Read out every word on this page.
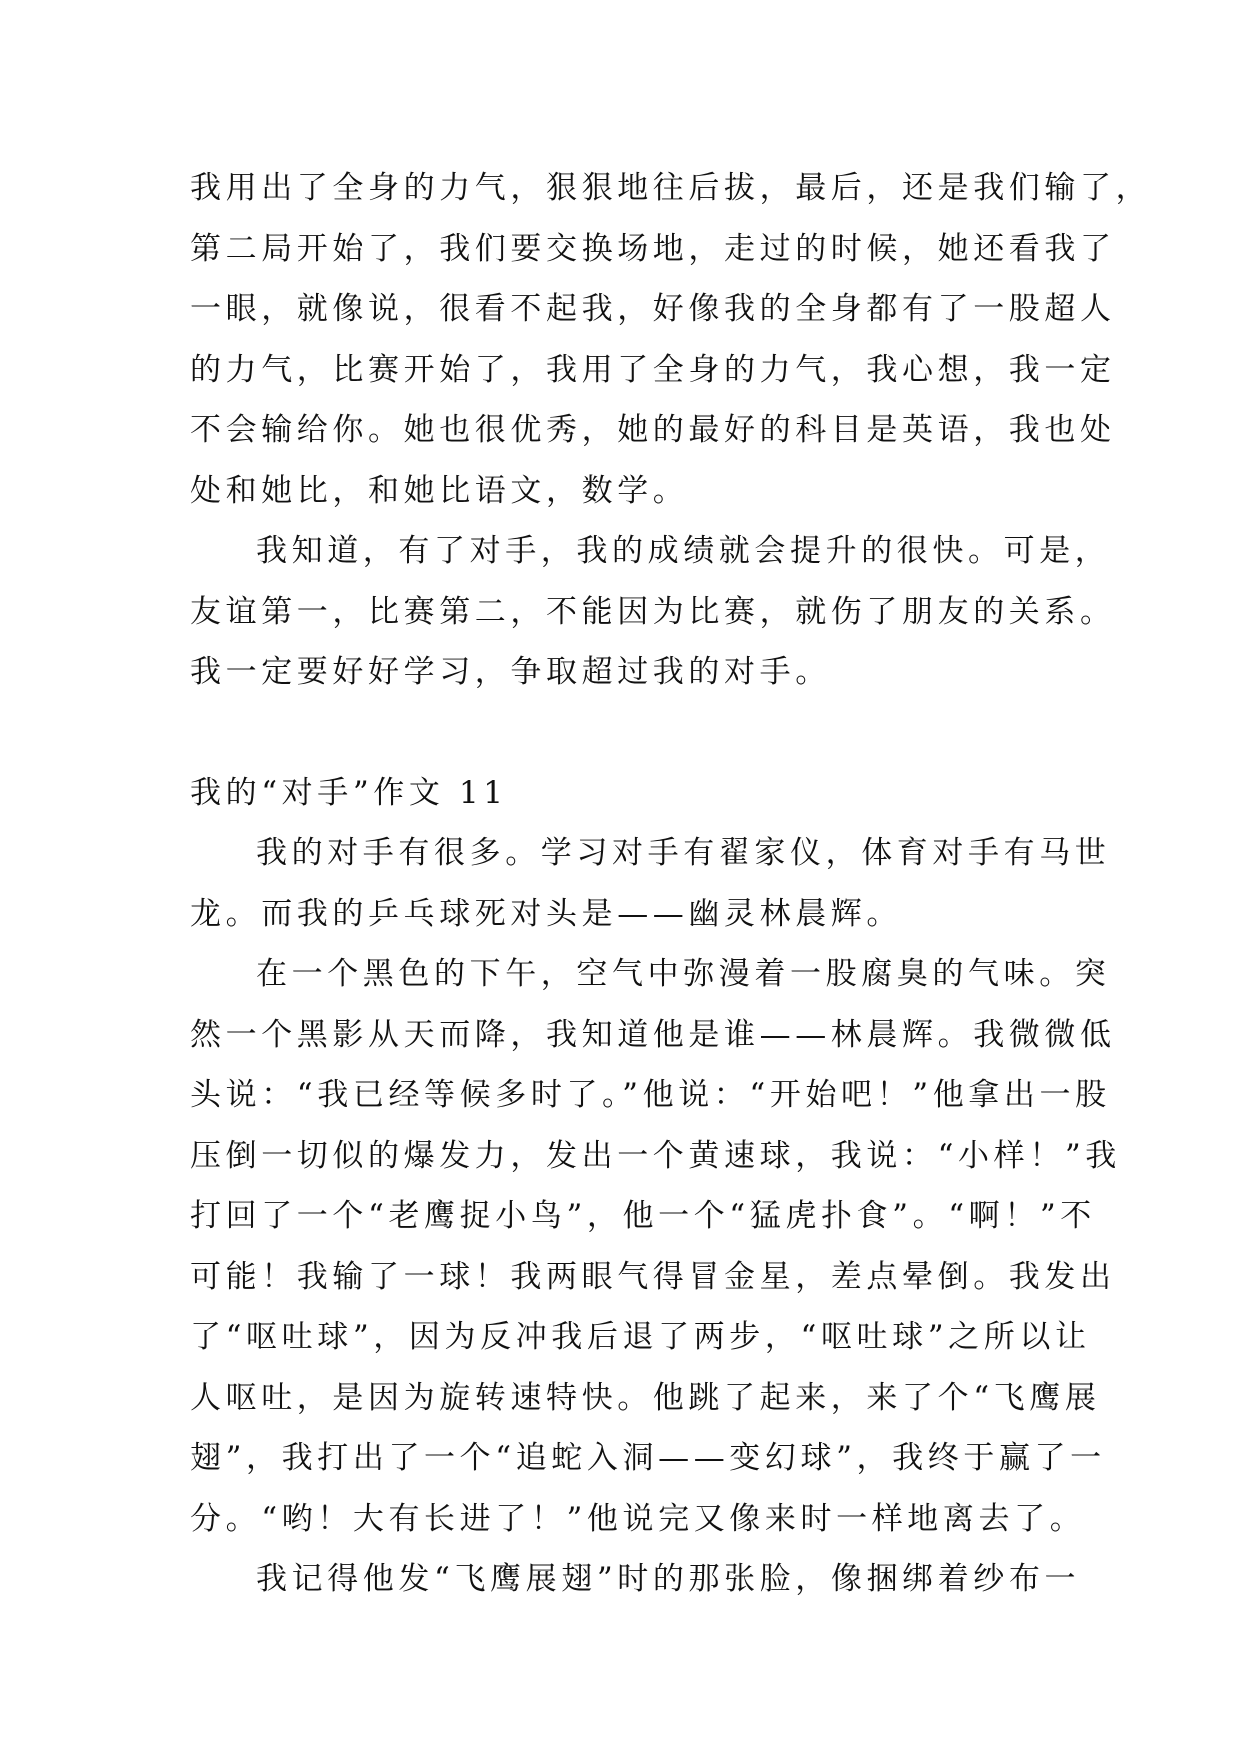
我用出了全身的力气，狠狠地往后拔，最后，还是我们输了，
第二局开始了，我们要交换场地，走过的时候，她还看我了
一眼，就像说，很看不起我，好像我的全身都有了一股超人
的力气，比赛开始了，我用了全身的力气，我心想，我一定
不会输给你。她也很优秀，她的最好的科目是英语，我也处
处和她比，和她比语文，数学。
我知道，有了对手，我的成绩就会提升的很快。可是，
友谊第一，比赛第二，不能因为比赛，就伤了朋友的关系。
我一定要好好学习，争取超过我的对手。
我的“对手”作文 11
我的对手有很多。学习对手有翟家仪，体育对手有马世
龙。而我的乒乓球死对头是——幽灵林晨辉。
在一个黑色的下午，空气中弥漫着一股腐臭的气味。突
然一个黑影从天而降，我知道他是谁——林晨辉。我微微低
头说：“我已经等候多时了。”他说：“开始吧！”他拿出一股
压倒一切似的爆发力，发出一个黄速球，我说：“小样！”我
打回了一个“老鹰捉小鸟”，他一个“猛虎扑食”。“啊！”不
可能！我输了一球！我两眼气得冒金星，差点晕倒。我发出
了“呕吐球”，因为反冲我后退了两步，“呕吐球”之所以让
人呕吐，是因为旋转速特快。他跳了起来，来了个“飞鹰展
翅”，我打出了一个“追蛇入洞——变幻球”，我终于赢了一
分。“哟！大有长进了！”他说完又像来时一样地离去了。
我记得他发“飞鹰展翅”时的那张脸，像捆绑着纱布一
